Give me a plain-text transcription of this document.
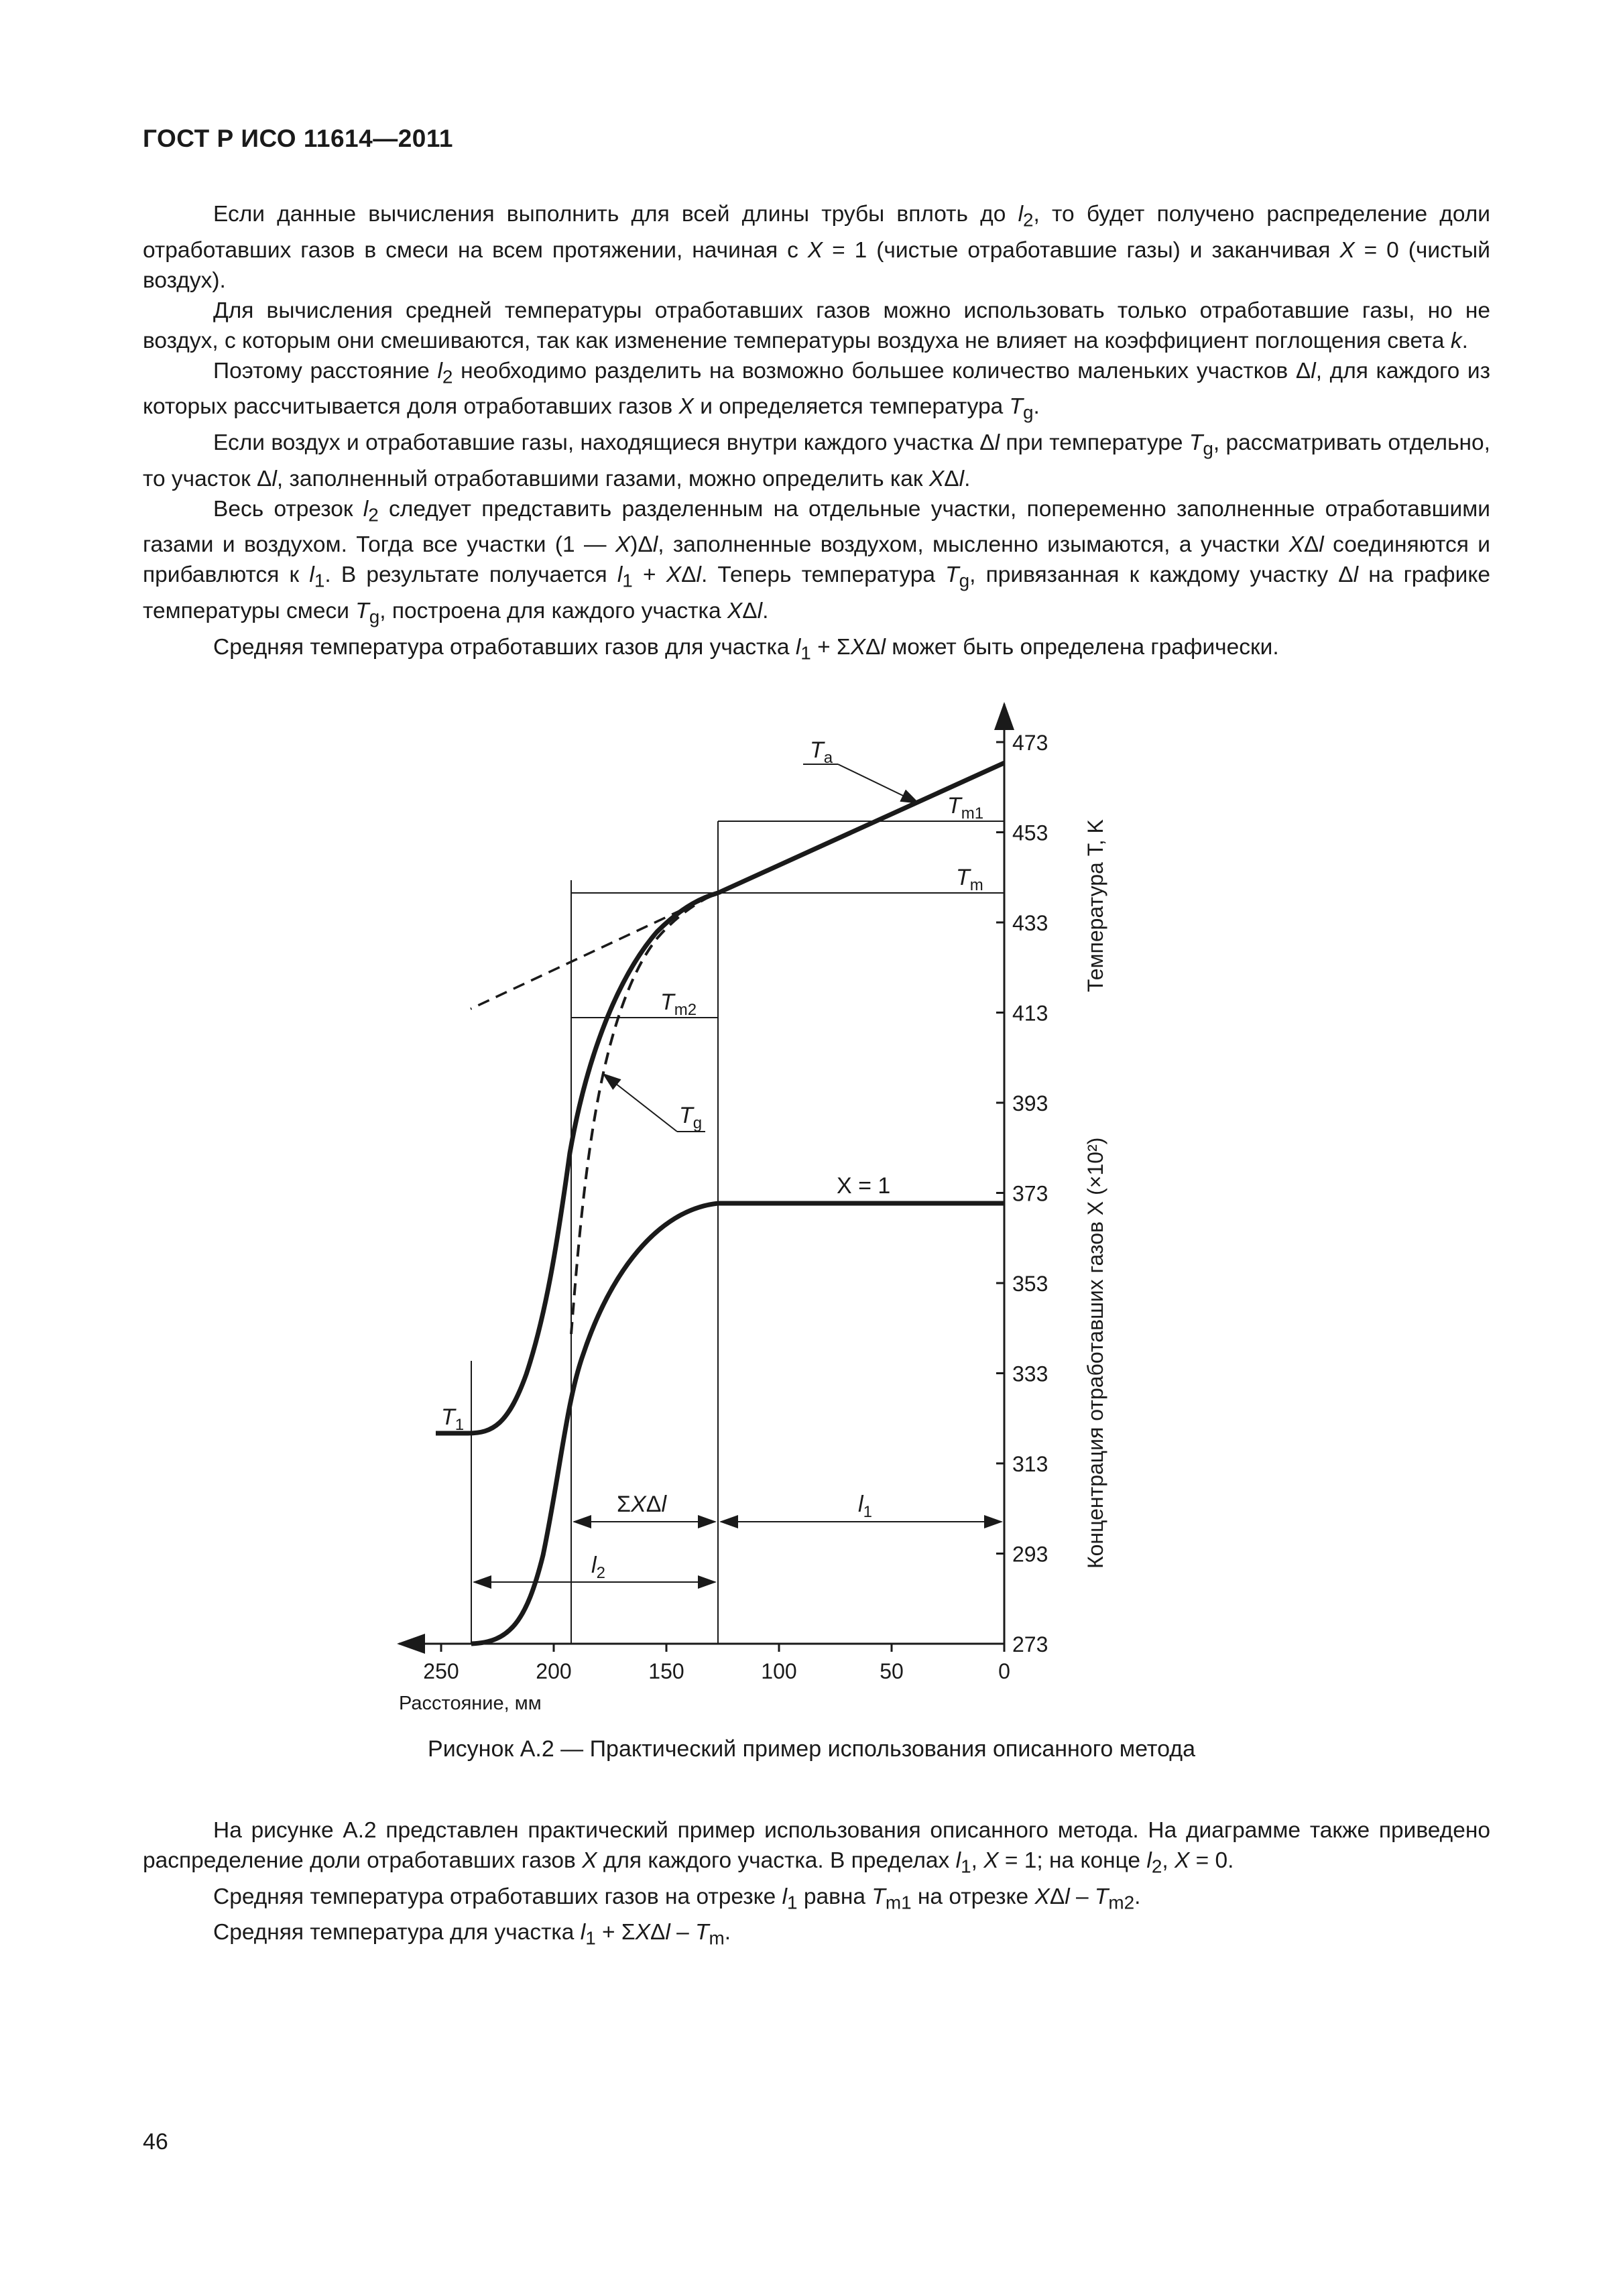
ГОСТ Р ИСО 11614—2011

Если данные вычисления выполнить для всей длины трубы вплоть до $l_2$, то будет получено распределение доли отработавших газов в смеси на всем протяжении, начиная с X = 1 (чистые отработавшие газы) и заканчивая X = 0 (чистый воздух).

Для вычисления средней температуры отработавших газов можно использовать только отработавшие газы, но не воздух, с которым они смешиваются, так как изменение температуры воздуха не влияет на коэффициент поглощения света k.

Поэтому расстояние $l_2$ необходимо разделить на возможно большее количество маленьких участков Δl, для каждого из которых рассчитывается доля отработавших газов X и определяется температура $T_g$.

Если воздух и отработавшие газы, находящиеся внутри каждого участка Δl при температуре $T_g$, рассматривать отдельно, то участок Δl, заполненный отработавшими газами, можно определить как XΔl.

Весь отрезок $l_2$ следует представить разделенным на отдельные участки, попеременно заполненные отработавшими газами и воздухом. Тогда все участки (1 — X)Δl, заполненные воздухом, мысленно изымаются, а участки XΔl соединяются и прибавлются к $l_1$. В результате получается $l_1 + X\Delta l$. Теперь температура $T_g$, привязанная к каждому участку Δl на графике температуры смеси $T_g$, построена для каждого участка XΔl.

Средняя температура отработавших газов для участка $l_1 + \Sigma X\Delta l$ может быть определена графически.

273
293
313
333
353
373
393
413
433
453
473
250	200	150	100	50	0
$T_a$
$T_{m1}$
$T_m$
$T_{m2}$
$T_g$
$T_1$
X = 1
ΣXΔl	$l_1$
$l_2$
Расстояние, мм
Температура T, K
Концентрация отработавших газов X (×10²)
Рисунок А.2 — Практический пример использования описанного метода

На рисунке А.2 представлен практический пример использования описанного метода. На диаграмме также приведено распределение доли отработавших газов X для каждого участка. В пределах $l_1$, X = 1; на конце $l_2$, X = 0.

Средняя температура отработавших газов на отрезке $l_1$ равна $T_{m1}$ на отрезке XΔl – $T_{m2}$.

Средняя температура для участка $l_1 + \Sigma X\Delta l - T_m$.

46
